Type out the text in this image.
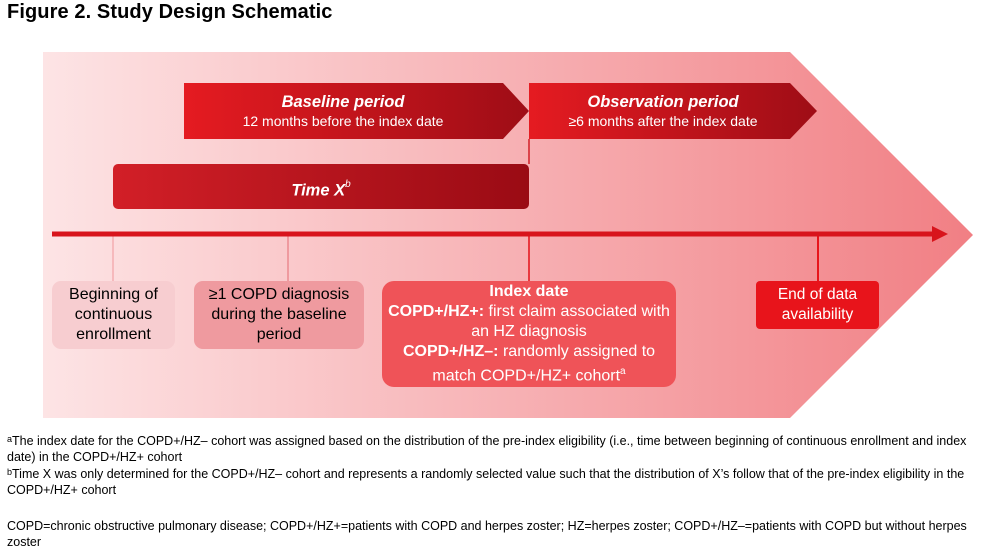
Figure 2. Study Design Schematic
Baseline period
12 months before the index date
Observation period
≥6 months after the index date
Time $X^b$
Beginning of continuous enrollment
≥1 COPD diagnosis during the baseline period
Index date
COPD+/HZ+: first claim associated with an HZ diagnosis
COPD+/HZ–: randomly assigned to match COPD+/HZ+ cohort$^a$
End of data availability
$^a$The index date for the COPD+/HZ– cohort was assigned based on the distribution of the pre-index eligibility (i.e., time between beginning of continuous enrollment and index date) in the COPD+/HZ+ cohort
$^b$Time X was only determined for the COPD+/HZ– cohort and represents a randomly selected value such that the distribution of X’s follow that of the pre-index eligibility in the COPD+/HZ+ cohort
COPD=chronic obstructive pulmonary disease; COPD+/HZ+=patients with COPD and herpes zoster; HZ=herpes zoster; COPD+/HZ–=patients with COPD but without herpes zoster
